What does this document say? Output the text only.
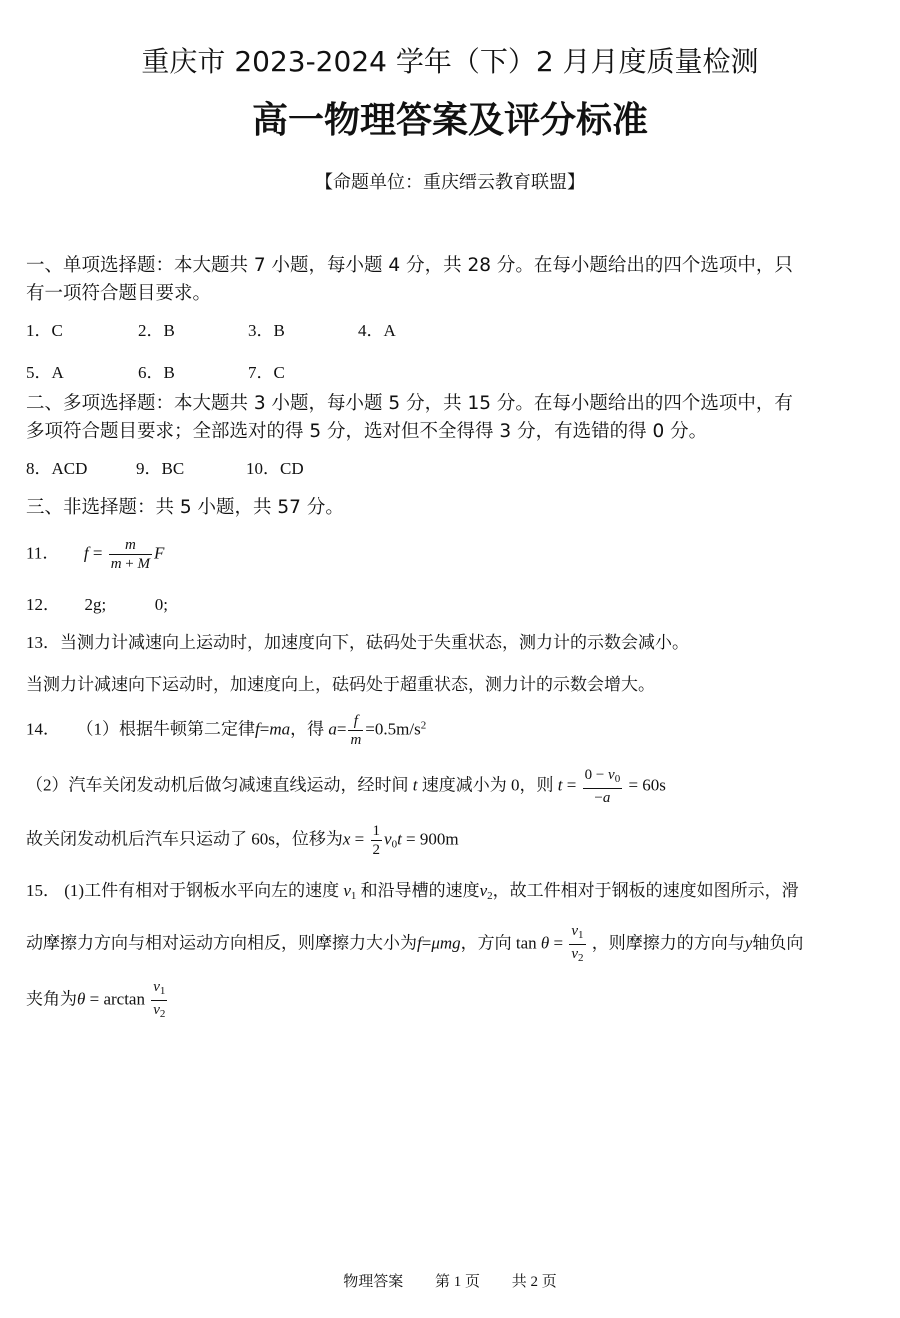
重庆市 2023-2024 学年（下）2 月月度质量检测
高一物理答案及评分标准
【命题单位：重庆缙云教育联盟】
一、单项选择题：本大题共 7 小题，每小题 4 分，共 28 分。在每小题给出的四个选项中，只
有一项符合题目要求。
1．C	2．B	3．B	4．A
5．A	6．B	7．C
二、多项选择题：本大题共 3 小题，每小题 5 分，共 15 分。在每小题给出的四个选项中，有
多项符合题目要求；全部选对的得 5 分，选对但不全得得 3 分，有选错的得 0 分。
8．ACD	9．BC	10．CD
三、非选择题：共 5 小题，共 57 分。
11． $f = \frac{m}{m + M}$ F
12． 2g;	0;
13．当测力计减速向上运动时，加速度向下，砝码处于失重状态，测力计的示数会减小。
当测力计减速向下运动时，加速度向上，砝码处于超重状态，测力计的示数会增大。
14． （1）根据牛顿第二定律f=ma，得 $a= \frac{f}{m} =0.5m/s^2$
（2）汽车关闭发动机后做匀减速直线运动，经时间 t 速度减小为 0，则 $t = \frac{0 - v_0}{-a} = 60s$
故关闭发动机后汽车只运动了 60s，位移为$x = \frac{1}{2} v_0t = 900m$
15． (1)工件有相对于钢板水平向左的速度 $v_1$ 和沿导槽的速度$v_2$，故工件相对于钢板的速度如图所示，滑
动摩擦力方向与相对运动方向相反，则摩擦力大小为f=μmg，方向 $\tan \theta = \frac{v_1}{v_2}$ ，则摩擦力的方向与y轴负向
夹角为$\theta = \arctan \frac{v_1}{v_2}$
物理答案 第 1 页 共 2 页
